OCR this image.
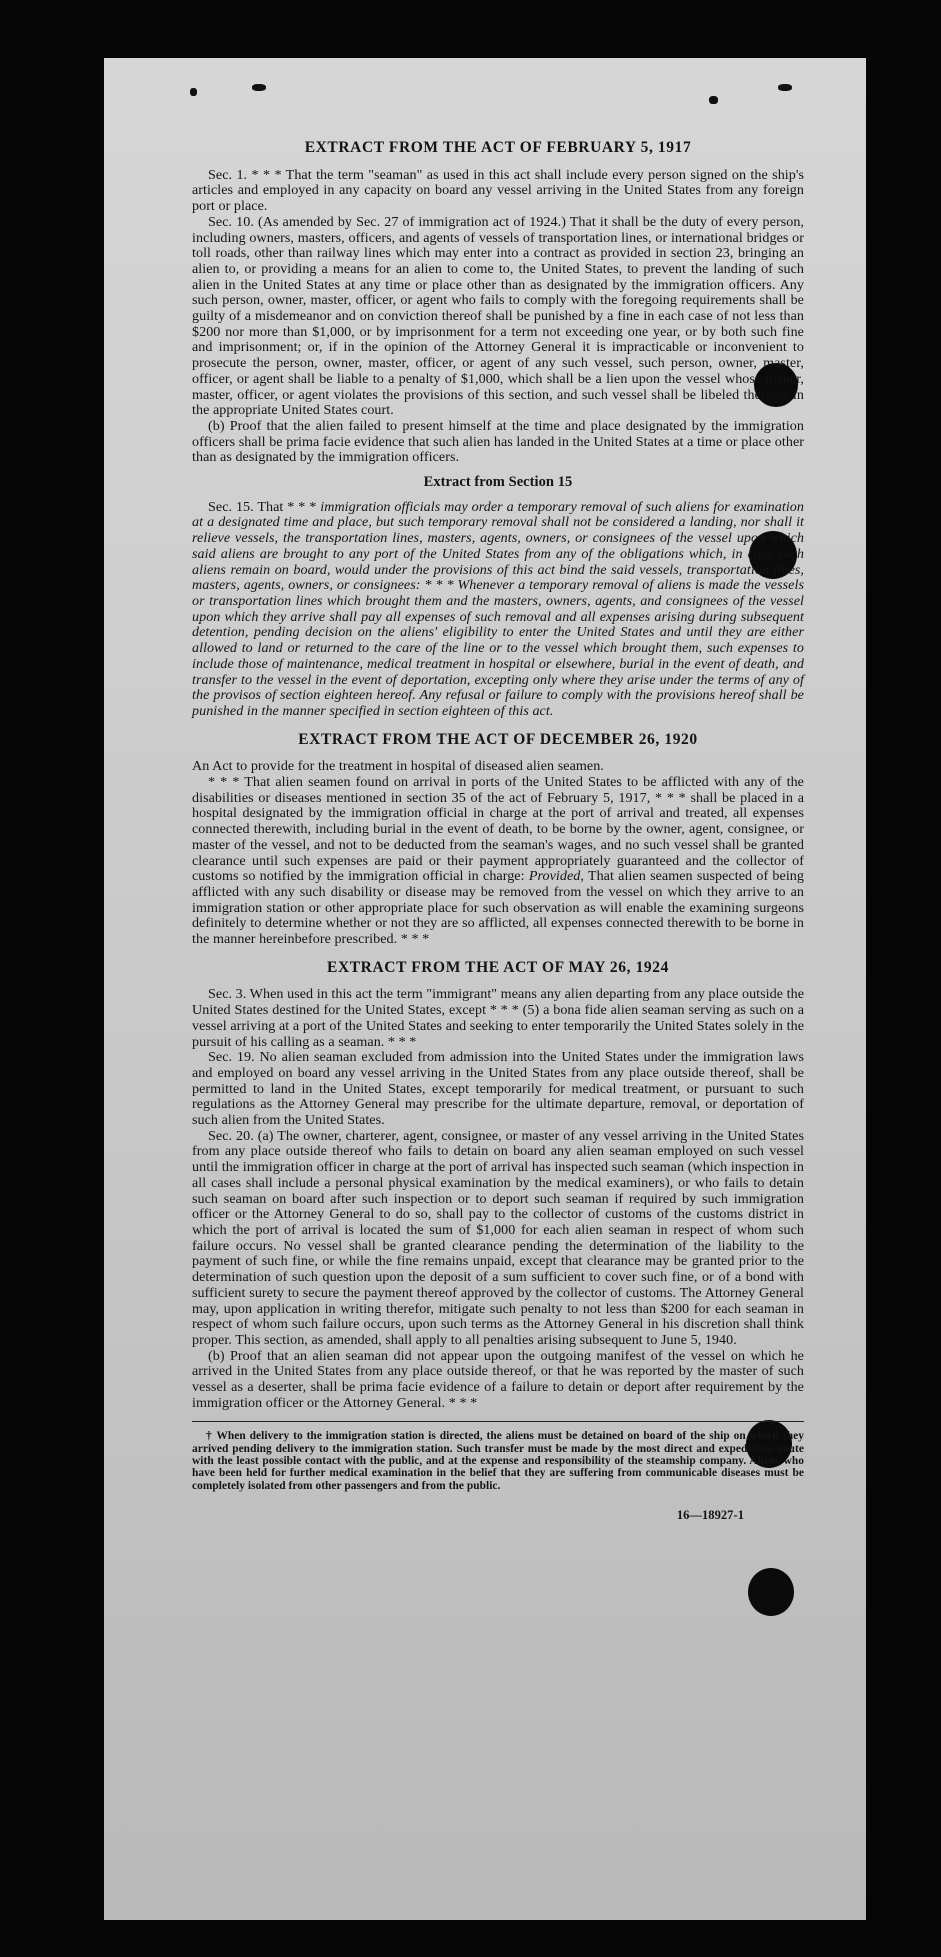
EXTRACT FROM THE ACT OF FEBRUARY 5, 1917

Sec. 1. * * * That the term "seaman" as used in this act shall include every person signed on the ship's articles and employed in any capacity on board any vessel arriving in the United States from any foreign port or place.

Sec. 10. (As amended by Sec. 27 of immigration act of 1924.) That it shall be the duty of every person, including owners, masters, officers, and agents of vessels of transportation lines, or international bridges or toll roads, other than railway lines which may enter into a contract as provided in section 23, bringing an alien to, or providing a means for an alien to come to, the United States, to prevent the landing of such alien in the United States at any time or place other than as designated by the immigration officers. Any such person, owner, master, officer, or agent who fails to comply with the foregoing requirements shall be guilty of a misdemeanor and on conviction thereof shall be punished by a fine in each case of not less than $200 nor more than $1,000, or by imprisonment for a term not exceeding one year, or by both such fine and imprisonment; or, if in the opinion of the Attorney General it is impracticable or inconvenient to prosecute the person, owner, master, officer, or agent of any such vessel, such person, owner, master, officer, or agent shall be liable to a penalty of $1,000, which shall be a lien upon the vessel whose owner, master, officer, or agent violates the provisions of this section, and such vessel shall be libeled therefor in the appropriate United States court.

(b) Proof that the alien failed to present himself at the time and place designated by the immigration officers shall be prima facie evidence that such alien has landed in the United States at a time or place other than as designated by the immigration officers.

Extract from Section 15

Sec. 15. That * * * immigration officials may order a temporary removal of such aliens for examination at a designated time and place, but such temporary removal shall not be considered a landing, nor shall it relieve vessels, the transportation lines, masters, agents, owners, or consignees of the vessel upon which said aliens are brought to any port of the United States from any of the obligations which, in case such aliens remain on board, would under the provisions of this act bind the said vessels, transportation lines, masters, agents, owners, or consignees: * * * Whenever a temporary removal of aliens is made the vessels or transportation lines which brought them and the masters, owners, agents, and consignees of the vessel upon which they arrive shall pay all expenses of such removal and all expenses arising during subsequent detention, pending decision on the aliens' eligibility to enter the United States and until they are either allowed to land or returned to the care of the line or to the vessel which brought them, such expenses to include those of maintenance, medical treatment in hospital or elsewhere, burial in the event of death, and transfer to the vessel in the event of deportation, excepting only where they arise under the terms of any of the provisos of section eighteen hereof. Any refusal or failure to comply with the provisions hereof shall be punished in the manner specified in section eighteen of this act.

EXTRACT FROM THE ACT OF DECEMBER 26, 1920

An Act to provide for the treatment in hospital of diseased alien seamen.

* * * That alien seamen found on arrival in ports of the United States to be afflicted with any of the disabilities or diseases mentioned in section 35 of the act of February 5, 1917, * * * shall be placed in a hospital designated by the immigration official in charge at the port of arrival and treated, all expenses connected therewith, including burial in the event of death, to be borne by the owner, agent, consignee, or master of the vessel, and not to be deducted from the seaman's wages, and no such vessel shall be granted clearance until such expenses are paid or their payment appropriately guaranteed and the collector of customs so notified by the immigration official in charge: Provided, That alien seamen suspected of being afflicted with any such disability or disease may be removed from the vessel on which they arrive to an immigration station or other appropriate place for such observation as will enable the examining surgeons definitely to determine whether or not they are so afflicted, all expenses connected therewith to be borne in the manner hereinbefore prescribed. * * *

EXTRACT FROM THE ACT OF MAY 26, 1924

Sec. 3. When used in this act the term "immigrant" means any alien departing from any place outside the United States destined for the United States, except * * * (5) a bona fide alien seaman serving as such on a vessel arriving at a port of the United States and seeking to enter temporarily the United States solely in the pursuit of his calling as a seaman. * * *

Sec. 19. No alien seaman excluded from admission into the United States under the immigration laws and employed on board any vessel arriving in the United States from any place outside thereof, shall be permitted to land in the United States, except temporarily for medical treatment, or pursuant to such regulations as the Attorney General may prescribe for the ultimate departure, removal, or deportation of such alien from the United States.

Sec. 20. (a) The owner, charterer, agent, consignee, or master of any vessel arriving in the United States from any place outside thereof who fails to detain on board any alien seaman employed on such vessel until the immigration officer in charge at the port of arrival has inspected such seaman (which inspection in all cases shall include a personal physical examination by the medical examiners), or who fails to detain such seaman on board after such inspection or to deport such seaman if required by such immigration officer or the Attorney General to do so, shall pay to the collector of customs of the customs district in which the port of arrival is located the sum of $1,000 for each alien seaman in respect of whom such failure occurs. No vessel shall be granted clearance pending the determination of the liability to the payment of such fine, or while the fine remains unpaid, except that clearance may be granted prior to the determination of such question upon the deposit of a sum sufficient to cover such fine, or of a bond with sufficient surety to secure the payment thereof approved by the collector of customs. The Attorney General may, upon application in writing therefor, mitigate such penalty to not less than $200 for each seaman in respect of whom such failure occurs, upon such terms as the Attorney General in his discretion shall think proper. This section, as amended, shall apply to all penalties arising subsequent to June 5, 1940.

(b) Proof that an alien seaman did not appear upon the outgoing manifest of the vessel on which he arrived in the United States from any place outside thereof, or that he was reported by the master of such vessel as a deserter, shall be prima facie evidence of a failure to detain or deport after requirement by the immigration officer or the Attorney General. * * *

† When delivery to the immigration station is directed, the aliens must be detained on board of the ship on which they arrived pending delivery to the immigration station. Such transfer must be made by the most direct and expeditious route with the least possible contact with the public, and at the expense and responsibility of the steamship company. Aliens who have been held for further medical examination in the belief that they are suffering from communicable diseases must be completely isolated from other passengers and from the public.

16—18927-1
